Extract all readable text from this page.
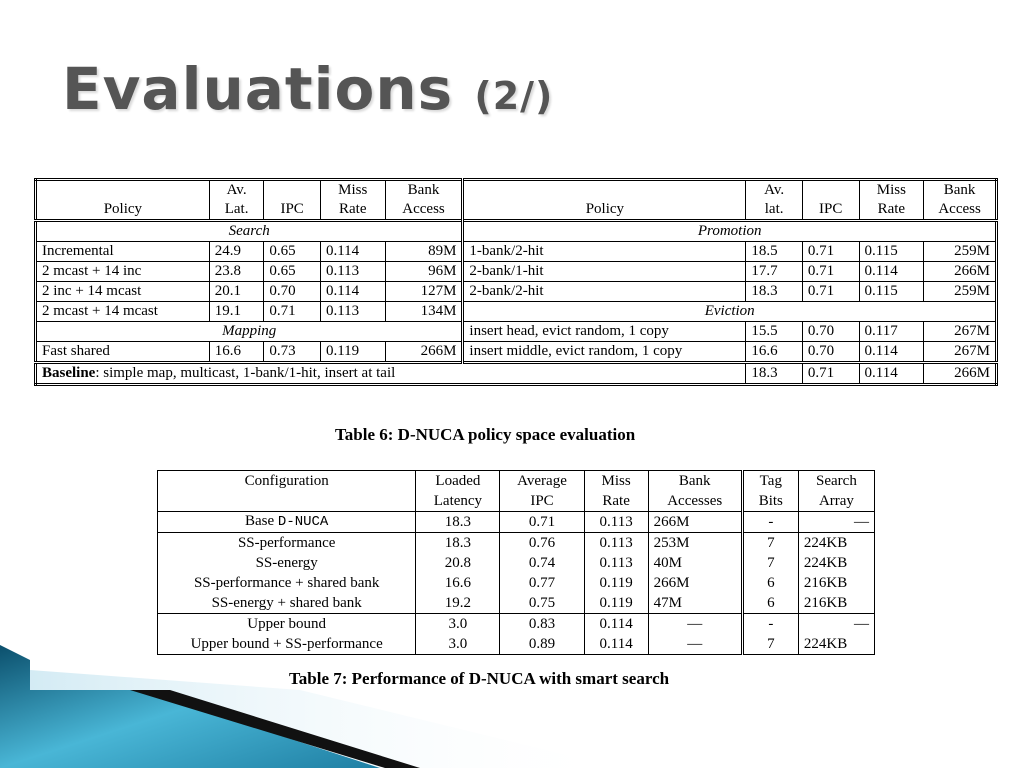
Evaluations (2/)
	Av.		Miss	Bank		Av.		Miss	Bank
Policy	Lat.	IPC	Rate	Access	Policy	lat.	IPC	Rate	Access
Search					Promotion				
Incremental	24.9	0.65	0.114	89M	1-bank/2-hit	18.5	0.71	0.115	259M
2 mcast + 14 inc	23.8	0.65	0.113	96M	2-bank/1-hit	17.7	0.71	0.114	266M
2 inc + 14 mcast	20.1	0.70	0.114	127M	2-bank/2-hit	18.3	0.71	0.115	259M
2 mcast + 14 mcast	19.1	0.71	0.113	134M	Eviction				
Mapping					insert head, evict random, 1 copy	15.5	0.70	0.117	267M
Fast shared	16.6	0.73	0.119	266M	insert middle, evict random, 1 copy	16.6	0.70	0.114	267M
Baseline: simple map, multicast, 1-bank/1-hit, insert at tail						18.3	0.71	0.114	266M
Table 6: D-NUCA policy space evaluation
Configuration	Loaded	Average	Miss	Bank	Tag	Search
	Latency	IPC	Rate	Accesses	Bits	Array
Base D-NUCA	18.3	0.71	0.113	266M	-	—
SS-performance	18.3	0.76	0.113	253M	7	224KB
SS-energy	20.8	0.74	0.113	40M	7	224KB
SS-performance + shared bank	16.6	0.77	0.119	266M	6	216KB
SS-energy + shared bank	19.2	0.75	0.119	47M	6	216KB
Upper bound	3.0	0.83	0.114	—	-	—
Upper bound + SS-performance	3.0	0.89	0.114	—	7	224KB
Table 7: Performance of D-NUCA with smart search
